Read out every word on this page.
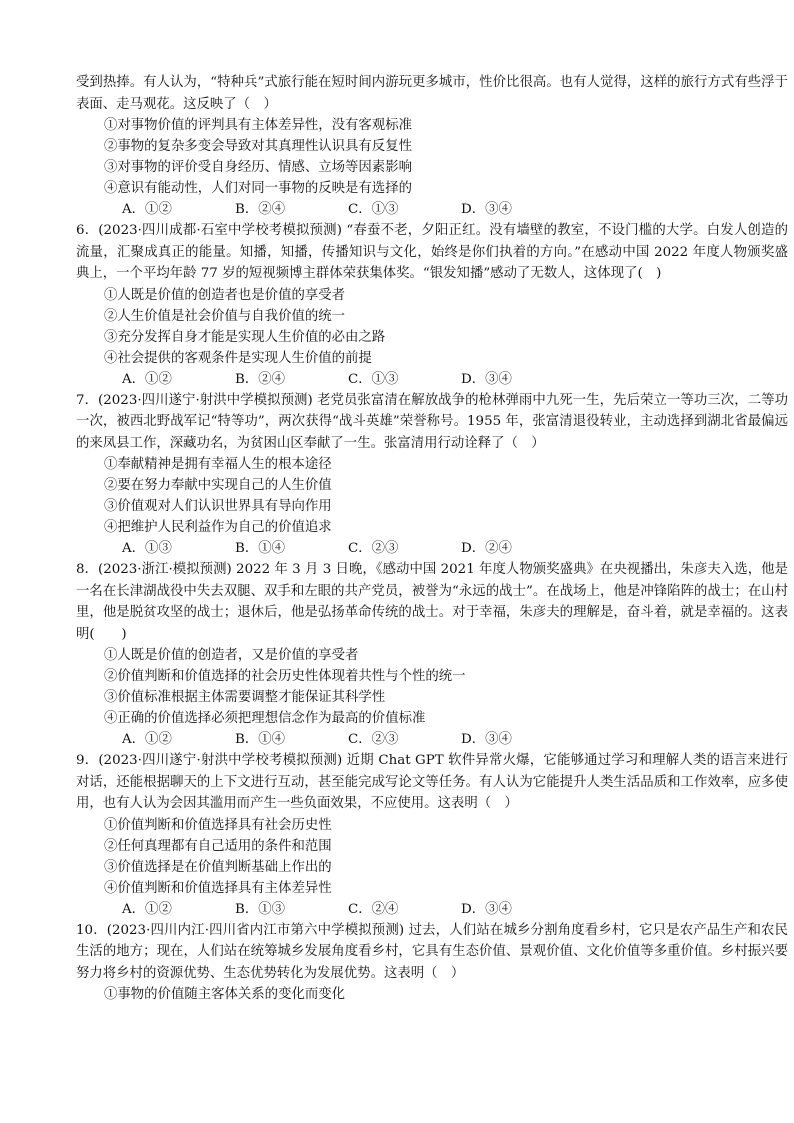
受到热捧。有人认为，“特种兵”式旅行能在短时间内游玩更多城市，性价比很高。也有人觉得，这样的旅行方式有些浮于表面、走马观花。这反映了（　）

①对事物价值的评判具有主体差异性，没有客观标准

②事物的复杂多变会导致对其真理性认识具有反复性

③对事物的评价受自身经历、情感、立场等因素影响

④意识有能动性，人们对同一事物的反映是有选择的

A．①②	B．②④	C．①③	D．③④

6．(2023·四川成都·石室中学校考模拟预测) “春蚕不老，夕阳正红。没有墙壁的教室，不设门槛的大学。白发人创造的流量，汇聚成真正的能量。知播，知播，传播知识与文化，始终是你们执着的方向。”在感动中国 2022 年度人物颁奖盛典上，一个平均年龄 77 岁的短视频博主群体荣获集体奖。“银发知播”感动了无数人，这体现了(　)

①人既是价值的创造者也是价值的享受者

②人生价值是社会价值与自我价值的统一

③充分发挥自身才能是实现人生价值的必由之路

④社会提供的客观条件是实现人生价值的前提

A．①②	B．②④	C．①③	D．③④

7．(2023·四川遂宁·射洪中学模拟预测) 老党员张富清在解放战争的枪林弹雨中九死一生，先后荣立一等功三次，二等功一次，被西北野战军记“特等功”，两次获得“战斗英雄”荣誉称号。1955 年，张富清退役转业，主动选择到湖北省最偏远的来凤县工作，深藏功名，为贫困山区奉献了一生。张富清用行动诠释了（　）

①奉献精神是拥有幸福人生的根本途径

②要在努力奉献中实现自己的人生价值

③价值观对人们认识世界具有导向作用

④把维护人民利益作为自己的价值追求

A．①③	B．①④	C．②③	D．②④

8．(2023·浙江·模拟预测) 2022 年 3 月 3 日晚，《感动中国 2021 年度人物颁奖盛典》在央视播出，朱彦夫入选，他是一名在长津湖战役中失去双腿、双手和左眼的共产党员，被誉为“永远的战士”。在战场上，他是冲锋陷阵的战士；在山村里，他是脱贫攻坚的战士；退休后，他是弘扬革命传统的战士。对于幸福，朱彦夫的理解是，奋斗着，就是幸福的。这表明(　　)

①人既是价值的创造者，又是价值的享受者

②价值判断和价值选择的社会历史性体现着共性与个性的统一

③价值标准根据主体需要调整才能保证其科学性

④正确的价值选择必须把理想信念作为最高的价值标准

A．①②	B．①④	C．②③	D．③④

9．(2023·四川遂宁·射洪中学校考模拟预测) 近期 Chat GPT 软件异常火爆，它能够通过学习和理解人类的语言来进行对话，还能根据聊天的上下文进行互动，甚至能完成写论文等任务。有人认为它能提升人类生活品质和工作效率，应多使用，也有人认为会因其滥用而产生一些负面效果，不应使用。这表明（　）

①价值判断和价值选择具有社会历史性

②任何真理都有自己适用的条件和范围

③价值选择是在价值判断基础上作出的

④价值判断和价值选择具有主体差异性

A．①②	B．①③	C．②④	D．③④

10．(2023·四川内江·四川省内江市第六中学模拟预测) 过去，人们站在城乡分割角度看乡村，它只是农产品生产和农民生活的地方；现在，人们站在统筹城乡发展角度看乡村，它具有生态价值、景观价值、文化价值等多重价值。乡村振兴要努力将乡村的资源优势、生态优势转化为发展优势。这表明（　）

①事物的价值随主客体关系的变化而变化
